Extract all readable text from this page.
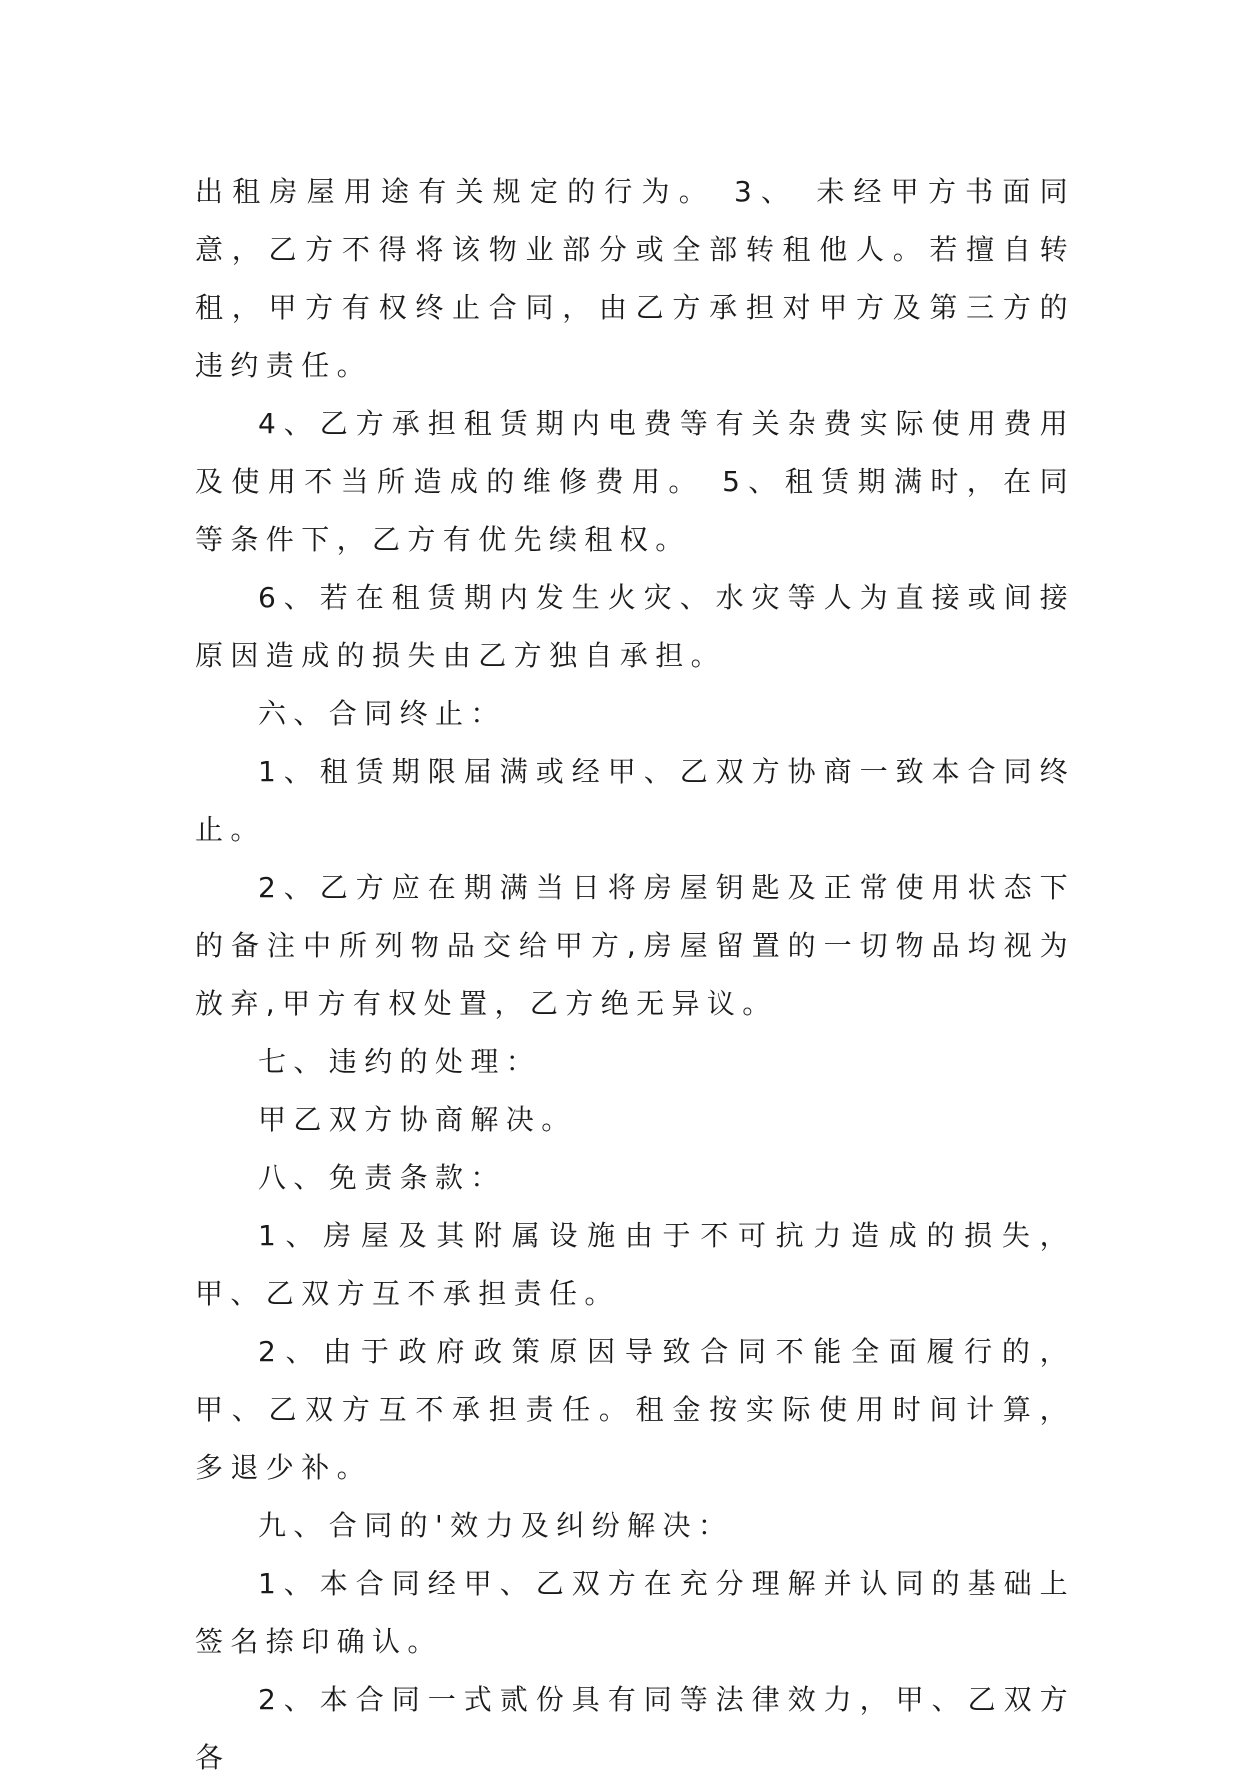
出租房屋用途有关规定的行为。 3、 未经甲方书面同意，乙方不得将该物业部分或全部转租他人。若擅自转租，甲方有权终止合同，由乙方承担对甲方及第三方的违约责任。

4、乙方承担租赁期内电费等有关杂费实际使用费用及使用不当所造成的维修费用。 5、租赁期满时，在同等条件下，乙方有优先续租权。

6、若在租赁期内发生火灾、水灾等人为直接或间接原因造成的损失由乙方独自承担。

六、合同终止：

1、租赁期限届满或经甲、乙双方协商一致本合同终止。

2、乙方应在期满当日将房屋钥匙及正常使用状态下的备注中所列物品交给甲方,房屋留置的一切物品均视为放弃,甲方有权处置，乙方绝无异议。

七、违约的处理：

甲乙双方协商解决。

八、免责条款：

1、房屋及其附属设施由于不可抗力造成的损失，甲、乙双方互不承担责任。

2、由于政府政策原因导致合同不能全面履行的，甲、乙双方互不承担责任。租金按实际使用时间计算，多退少补。

九、合同的'效力及纠纷解决：

1、本合同经甲、乙双方在充分理解并认同的基础上签名捺印确认。

2、本合同一式贰份具有同等法律效力，甲、乙双方各
